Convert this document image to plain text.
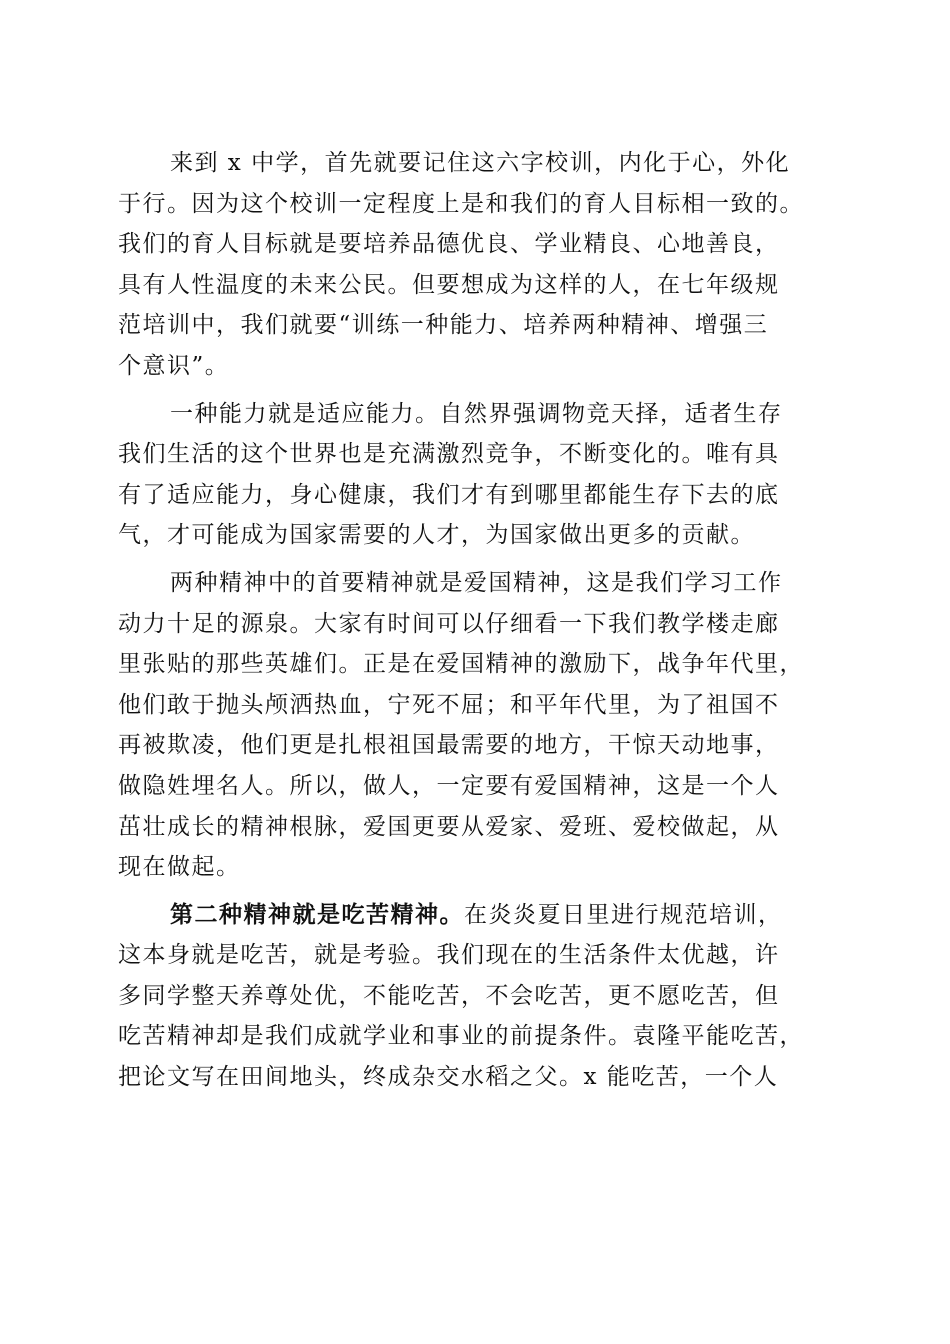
来到 x 中学，首先就要记住这六字校训，内化于心，外化
于行。因为这个校训一定程度上是和我们的育人目标相一致的。
我们的育人目标就是要培养品德优良、学业精良、心地善良，
具有人性温度的未来公民。但要想成为这样的人，在七年级规
范培训中，我们就要“训练一种能力、培养两种精神、增强三
个意识”。
一种能力就是适应能力。自然界强调物竞天择，适者生存
我们生活的这个世界也是充满激烈竞争，不断变化的。唯有具
有了适应能力，身心健康，我们才有到哪里都能生存下去的底
气，才可能成为国家需要的人才，为国家做出更多的贡献。
两种精神中的首要精神就是爱国精神，这是我们学习工作
动力十足的源泉。大家有时间可以仔细看一下我们教学楼走廊
里张贴的那些英雄们。正是在爱国精神的激励下，战争年代里，
他们敢于抛头颅洒热血，宁死不屈；和平年代里，为了祖国不
再被欺凌，他们更是扎根祖国最需要的地方，干惊天动地事，
做隐姓埋名人。所以，做人，一定要有爱国精神，这是一个人
茁壮成长的精神根脉，爱国更要从爱家、爱班、爱校做起，从
现在做起。
第二种精神就是吃苦精神。在炎炎夏日里进行规范培训，
这本身就是吃苦，就是考验。我们现在的生活条件太优越，许
多同学整天养尊处优，不能吃苦，不会吃苦，更不愿吃苦，但
吃苦精神却是我们成就学业和事业的前提条件。袁隆平能吃苦，
把论文写在田间地头，终成杂交水稻之父。x 能吃苦，一个人
